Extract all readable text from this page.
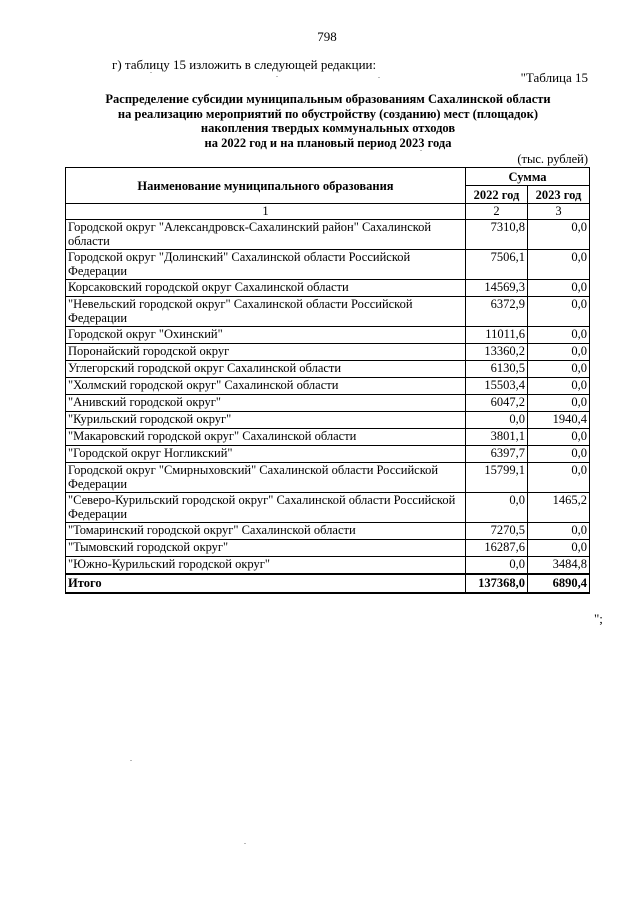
798
г) таблицу 15 изложить в следующей редакции:
"Таблица 15
Распределение субсидии муниципальным образованиям Сахалинской области
на реализацию мероприятий по обустройству (созданию) мест (площадок)
накопления твердых коммунальных отходов
на 2022 год и на плановый период 2023 года
(тыс. рублей)
Наименование муниципального образования	Сумма	
	2022 год	2023 год
1	2	3
Городской округ "Александровск-Сахалинский район" Сахалинской области	7310,8	0,0
Городской округ "Долинский" Сахалинской области Российской Федерации	7506,1	0,0
Корсаковский городской округ Сахалинской области	14569,3	0,0
"Невельский городской округ" Сахалинской области Российской Федерации	6372,9	0,0
Городской округ "Охинский"	11011,6	0,0
Поронайский городской округ	13360,2	0,0
Углегорский городской округ Сахалинской области	6130,5	0,0
"Холмский городской округ" Сахалинской области	15503,4	0,0
"Анивский городской округ"	6047,2	0,0
"Курильский городской округ"	0,0	1940,4
"Макаровский городской округ" Сахалинской области	3801,1	0,0
"Городской округ Ногликский"	6397,7	0,0
Городской округ "Смирныховский" Сахалинской области Российской Федерации	15799,1	0,0
"Северо-Курильский городской округ" Сахалинской области Российской Федерации	0,0	1465,2
"Томаринский городской округ" Сахалинской области	7270,5	0,0
"Тымовский городской округ"	16287,6	0,0
"Южно-Курильский городской округ"	0,0	3484,8
Итого	137368,0	6890,4
";
